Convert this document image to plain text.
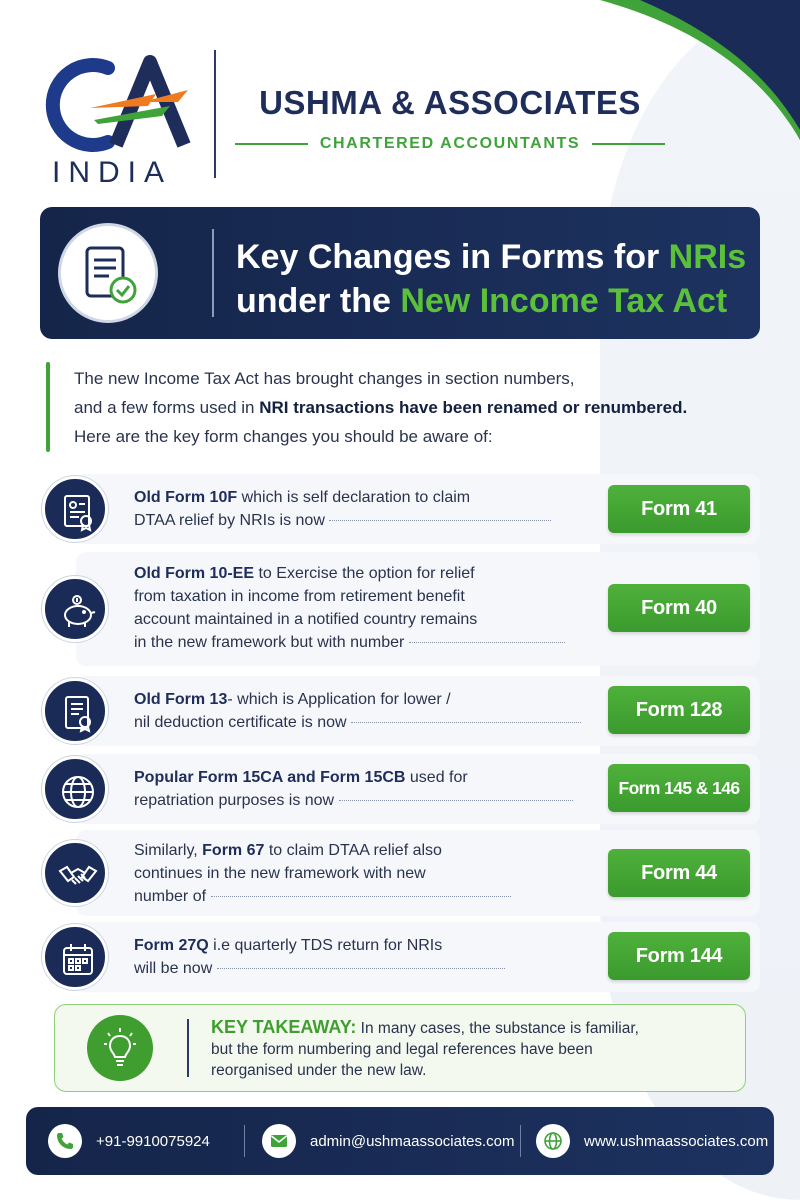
INDIA
USHMA & ASSOCIATES
CHARTERED ACCOUNTANTS
Key Changes in Forms for NRIs
under the New Income Tax Act
The new Income Tax Act has brought changes in section numbers,
and a few forms used in NRI transactions have been renamed or renumbered.
Here are the key form changes you should be aware of:
Old Form 10F which is self declaration to claim
DTAA relief by NRIs is now
Form 41
Old Form 10-EE to Exercise the option for relief
from taxation in income from retirement benefit
account maintained in a notified country remains
in the new framework but with number
Form 40
Old Form 13- which is Application for lower /
nil deduction certificate is now
Form 128
Popular Form 15CA and Form 15CB used for
repatriation purposes is now
Form 145 & 146
Similarly, Form 67 to claim DTAA relief also
continues in the new framework with new
number of
Form 44
Form 27Q i.e quarterly TDS return for NRIs
will be now
Form 144
KEY TAKEAWAY: In many cases, the substance is familiar,
but the form numbering and legal references have been
reorganised under the new law.
+91-9910075924	admin@ushmaassociates.com	www.ushmaassociates.com
